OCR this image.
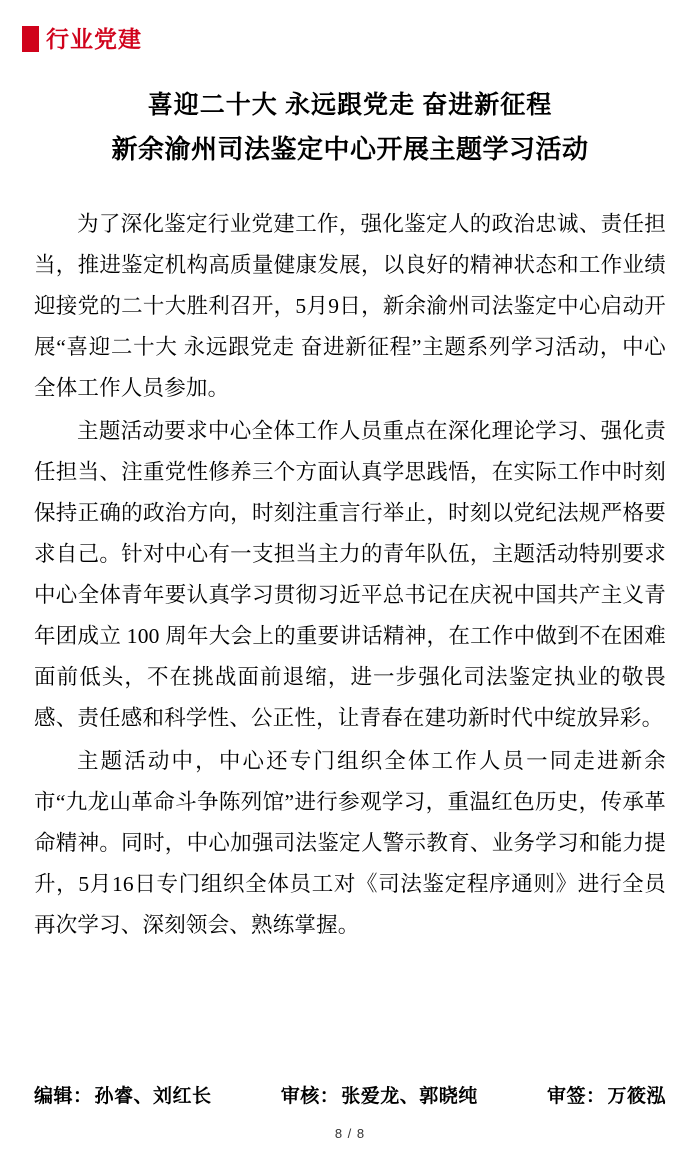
行业党建
喜迎二十大 永远跟党走 奋进新征程
新余渝州司法鉴定中心开展主题学习活动

为了深化鉴定行业党建工作，强化鉴定人的政治忠诚、责任担当，推进鉴定机构高质量健康发展，以良好的精神状态和工作业绩迎接党的二十大胜利召开，5月9日，新余渝州司法鉴定中心启动开展“喜迎二十大 永远跟党走 奋进新征程”主题系列学习活动，中心全体工作人员参加。

主题活动要求中心全体工作人员重点在深化理论学习、强化责任担当、注重党性修养三个方面认真学思践悟，在实际工作中时刻保持正确的政治方向，时刻注重言行举止，时刻以党纪法规严格要求自己。针对中心有一支担当主力的青年队伍，主题活动特别要求中心全体青年要认真学习贯彻习近平总书记在庆祝中国共产主义青年团成立 100 周年大会上的重要讲话精神，在工作中做到不在困难面前低头，不在挑战面前退缩，进一步强化司法鉴定执业的敬畏感、责任感和科学性、公正性，让青春在建功新时代中绽放异彩。

主题活动中，中心还专门组织全体工作人员一同走进新余市“九龙山革命斗争陈列馆”进行参观学习，重温红色历史，传承革命精神。同时，中心加强司法鉴定人警示教育、业务学习和能力提升，5月16日专门组织全体员工对《司法鉴定程序通则》进行全员再次学习、深刻领会、熟练掌握。

编辑： 孙睿、刘红长	审核： 张爱龙、郭晓纯	审签： 万筱泓
8 / 8
